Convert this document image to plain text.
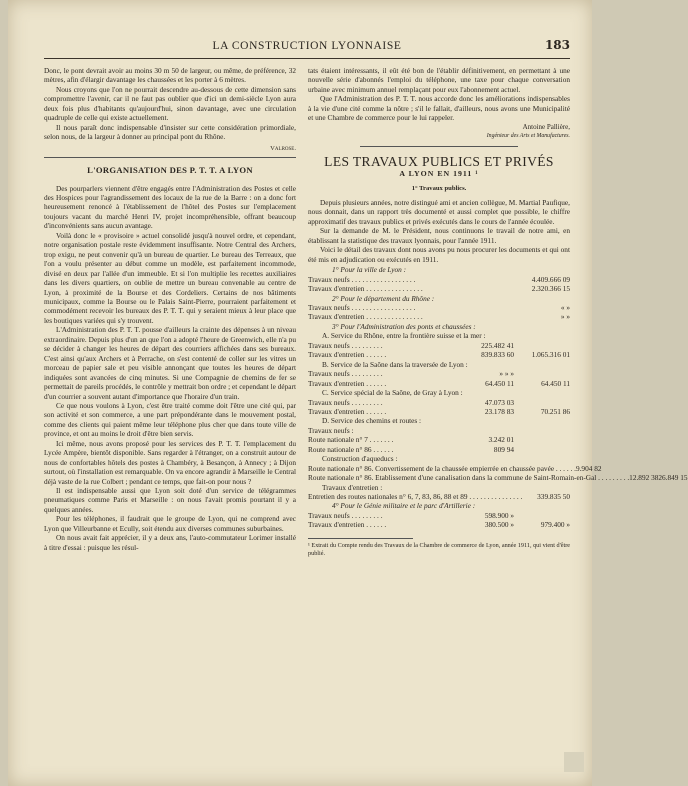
LA CONSTRUCTION LYONNAISE	183

Donc, le pont devrait avoir au moins 30 m 50 de largeur, ou même, de préférence, 32 mètres, afin d'élargir davantage les chaussées et les porter à 6 mètres.

Nous croyons que l'on ne pourrait descendre au-dessous de cette dimension sans compromettre l'avenir, car il ne faut pas oublier que d'ici un demi-siècle Lyon aura deux fois plus d'habitants qu'aujourd'hui, sinon davantage, avec une circulation quadruple de celle qui existe actuellement.

Il nous paraît donc indispensable d'insister sur cette considération primordiale, selon nous, de la largeur à donner au principal pont du Rhône.

Valrose.
L'ORGANISATION DES P. T. T. A LYON

Des pourparlers viennent d'être engagés entre l'Administration des Postes et celle des Hospices pour l'agrandissement des locaux de la rue de la Barre : on a donc fort heureusement renoncé à l'établissement de l'hôtel des Postes sur l'emplacement toujours vacant du marché Henri IV, projet incompréhensible, offrant beaucoup d'inconvénients sans aucun avantage.

Voilà donc le « provisoire » actuel consolidé jusqu'à nouvel ordre, et cependant, notre organisation postale reste évidemment insuffisante. Notre Central des Archers, trop exigu, ne peut convenir qu'à un bureau de quartier. Le bureau des Terreaux, que l'on a voulu présenter au début comme un modèle, est parfaitement incommode, divisé en deux par l'allée d'un immeuble. Et si l'on multiplie les recettes auxiliaires dans les divers quartiers, on oublie de mettre un bureau convenable au centre de Lyon, à proximité de la Bourse et des Cordeliers. Certains de nos bâtiments municipaux, comme la Bourse ou le Palais Saint-Pierre, pourraient parfaitement et commodément recevoir les bureaux des P. T. T. qui y seraient mieux à leur place que les boutiques variées qui s'y trouvent.

L'Administration des P. T. T. pousse d'ailleurs la crainte des dépenses à un niveau extraordinaire. Depuis plus d'un an que l'on a adopté l'heure de Greenwich, elle n'a pu se décider à changer les heures de départ des courriers affichées dans ses bureaux. C'est ainsi qu'aux Archers et à Perrache, on s'est contenté de coller sur les vitres un morceau de papier sale et peu visible annonçant que toutes les heures de départ indiquées sont avancées de cinq minutes. Si une Compagnie de chemins de fer se permettait de pareils procédés, le contrôle y mettrait bon ordre ; et cependant le départ d'un courrier a souvent autant d'importance que l'horaire d'un train.

Ce que nous voulons à Lyon, c'est être traité comme doit l'être une cité qui, par son activité et son commerce, a une part prépondérante dans le mouvement postal, comme des clients qui paient même leur téléphone plus cher que dans toute ville de province, et ont au moins le droit d'être bien servis.

Ici même, nous avons proposé pour les services des P. T. T. l'emplacement du Lycée Ampère, bientôt disponible. Sans regarder à l'étranger, on a construit autour de nous de confortables hôtels des postes à Chambéry, à Besançon, à Annecy ; à Dijon surtout, où l'installation est remarquable. On va encore agrandir à Marseille le Central déjà vaste de la rue Colbert ; pendant ce temps, que fait-on pour nous ?

Il est indispensable aussi que Lyon soit doté d'un service de télégrammes pneumatiques comme Paris et Marseille : on nous l'avait promis pourtant il y a quelques années.

Pour les téléphones, il faudrait que le groupe de Lyon, qui ne comprend avec Lyon que Villeurbanne et Ecully, soit étendu aux diverses communes suburbaines.

On nous avait fait apprécier, il y a deux ans, l'auto-commutateur Lorimer installé à titre d'essai : puisque les résul-

tats étaient intéressants, il eût été bon de l'établir définitivement, en permettant à une nouvelle série d'abonnés l'emploi du téléphone, une taxe pour chaque conversation urbaine avec minimum annuel remplaçant pour eux l'abonnement actuel.

Que l'Administration des P. T. T. nous accorde donc les améliorations indispensables à la vie d'une cité comme la nôtre ; s'il le fallait, d'ailleurs, nous avons une Municipalité et une Chambre de commerce pour le lui rappeler.

Antoine Pallière,
Ingénieur des Arts et Manufactures.
LES TRAVAUX PUBLICS ET PRIVÉS
A LYON EN 1911 ¹
1° Travaux publics.

Depuis plusieurs années, notre distingué ami et ancien collègue, M. Martial Paufique, nous donnait, dans un rapport très documenté et aussi complet que possible, le chiffre approximatif des travaux publics et privés exécutés dans le cours de l'année écoulée.

Sur la demande de M. le Président, nous continuons le travail de notre ami, en établissant la statistique des travaux lyonnais, pour l'année 1911.

Voici le détail des travaux dont nous avons pu nous procurer les documents et qui ont été mis en adjudication ou exécutés en 1911.

1° Pour la ville de Lyon :
Travaux neufs . . . . . . . . . . . . . . . . . .	4.409.666 09
Travaux d'entretien . . . . . . . . . . . . . . . .	2.320.366 15
2° Pour le département du Rhône :
Travaux neufs . . . . . . . . . . . . . . . . . .	« »
Travaux d'entretien . . . . . . . . . . . . . . . .	» »
3° Pour l'Administration des ponts et chaussées :
A. Service du Rhône, entre la frontière suisse et la mer :
Travaux neufs . . . . . . . . .	225.482 41
Travaux d'entretien . . . . . .	839.833 60	1.065.316 01
B. Service de la Saône dans la traversée de Lyon :
Travaux neufs . . . . . . . . .	» » »
Travaux d'entretien . . . . . .	64.450 11	64.450 11
C. Service spécial de la Saône, de Gray à Lyon :
Travaux neufs . . . . . . . . .	47.073 03
Travaux d'entretien . . . . . .	23.178 83	70.251 86
D. Service des chemins et routes :
Travaux neufs :
Route nationale n° 7 . . . . . . .	3.242 01
Route nationale n° 86 . . . . . .	809 94
Construction d'aqueducs :
Route nationale n° 86. Convertissement de la chaussée empierrée en chaussée pavée . . . . . . 9.904 82
Route nationale n° 86. Etablissement d'une canalisation dans la commune de Saint-Romain-en-Gal . . . . . . . . . 12.892 38 26.849 15
Travaux d'entretien :
Entretien des routes nationales n° 6, 7, 83, 86, 88 et 89 . . . . . . . . . . . . . . . 339.835 50
4° Pour le Génie militaire et le parc d'Artillerie :
Travaux neufs . . . . . . . . .	598.900 »
Travaux d'entretien . . . . . .	380.500 »	979.400 »
¹ Extrait du Compte rendu des Travaux de la Chambre de commerce de Lyon, année 1911, qui vient d'être publié.
